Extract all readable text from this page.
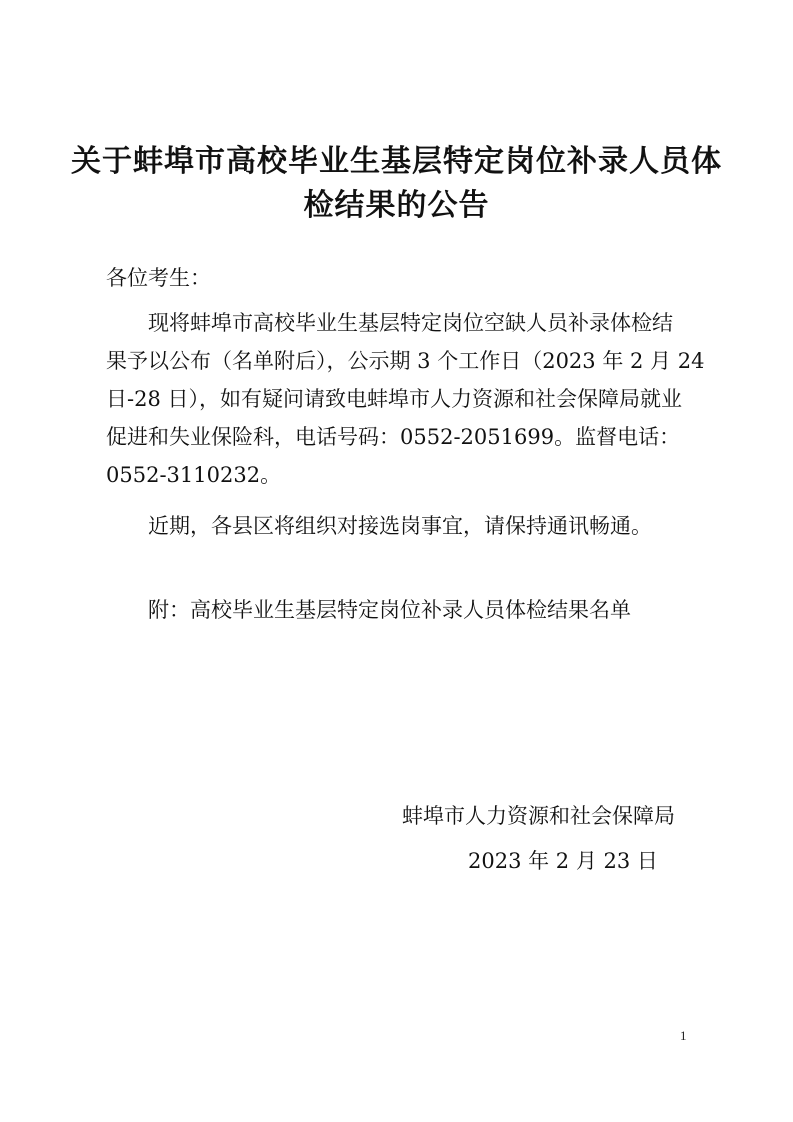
关于蚌埠市高校毕业生基层特定岗位补录人员体
检结果的公告
各位考生：
现将蚌埠市高校毕业生基层特定岗位空缺人员补录体检结
果予以公布（名单附后），公示期 3 个工作日（2023 年 2 月 24
日-28 日），如有疑问请致电蚌埠市人力资源和社会保障局就业
促进和失业保险科，电话号码：0552-2051699。监督电话：
0552-3110232。
近期，各县区将组织对接选岗事宜，请保持通讯畅通。
附：高校毕业生基层特定岗位补录人员体检结果名单
蚌埠市人力资源和社会保障局
2023 年 2 月 23 日
1
